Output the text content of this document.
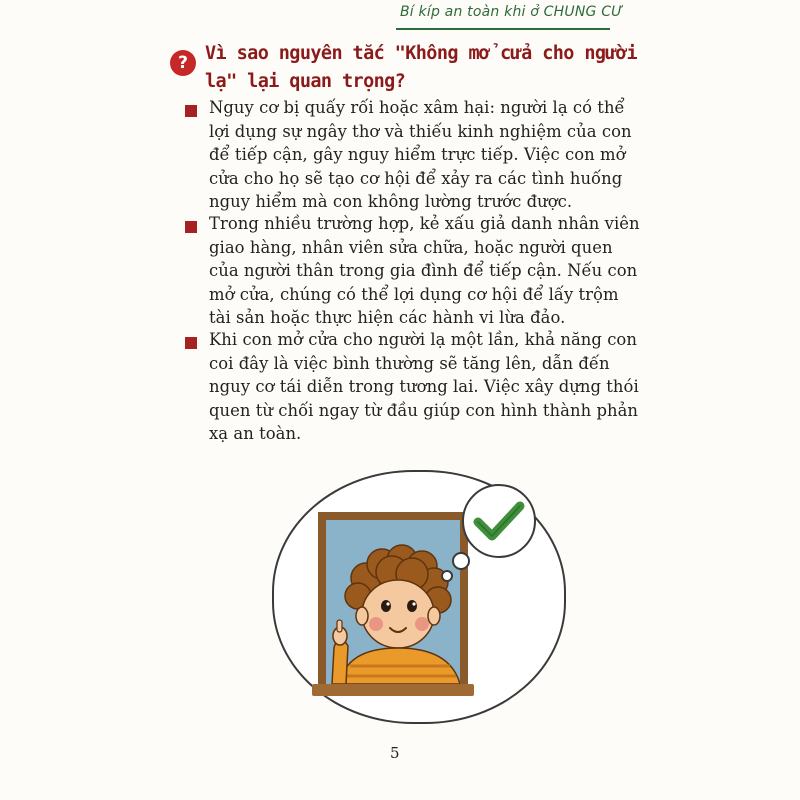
Bí kíp an toàn khi ở CHUNG CƯ
? Vì sao nguyên tắc "Không mở cửa cho người lạ" lại quan trọng?
Nguy cơ bị quấy rối hoặc xâm hại: người lạ có thể lợi dụng sự ngây thơ và thiếu kinh nghiệm của con để tiếp cận, gây nguy hiểm trực tiếp. Việc con mở cửa cho họ sẽ tạo cơ hội để xảy ra các tình huống nguy hiểm mà con không lường trước được.
Trong nhiều trường hợp, kẻ xấu giả danh nhân viên giao hàng, nhân viên sửa chữa, hoặc người quen của người thân trong gia đình để tiếp cận. Nếu con mở cửa, chúng có thể lợi dụng cơ hội để lấy trộm tài sản hoặc thực hiện các hành vi lừa đảo.
Khi con mở cửa cho người lạ một lần, khả năng con coi đây là việc bình thường sẽ tăng lên, dẫn đến nguy cơ tái diễn trong tương lai. Việc xây dựng thói quen từ chối ngay từ đầu giúp con hình thành phản xạ an toàn.
5
